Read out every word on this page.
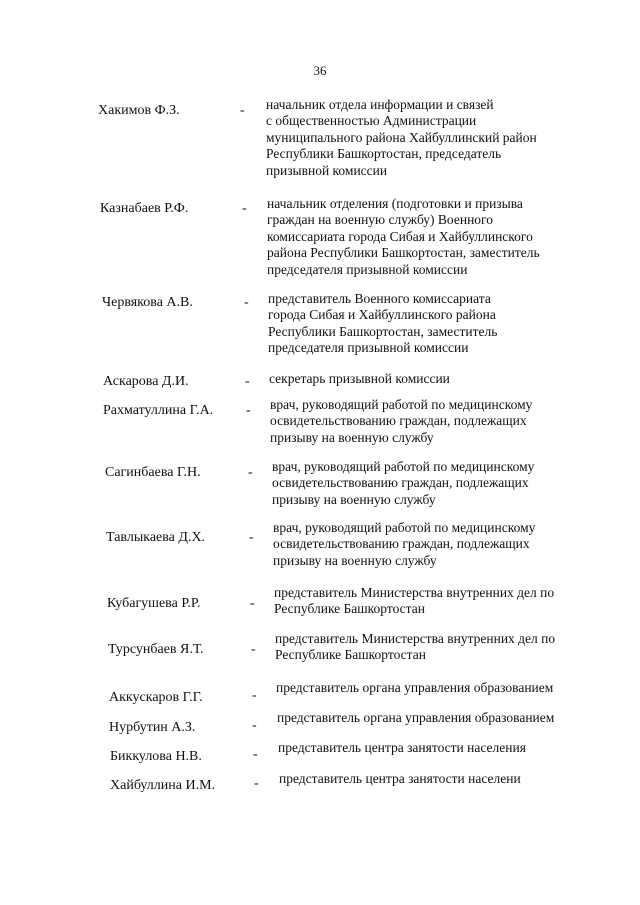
36
Хакимов Ф.З.	- начальник отдела информации и связей
с общественностью Администрации
муниципального района Хайбуллинский район
Республики Башкортостан, председатель
призывной комиссии
Казнабаев Р.Ф.	- начальник отделения (подготовки и призыва
граждан на военную службу) Военного
комиссариата города Сибая и Хайбуллинского
района Республики Башкортостан, заместитель
председателя призывной комиссии
Червякова А.В.	- представитель Военного комиссариата
города Сибая и Хайбуллинского района
Республики Башкортостан, заместитель
председателя призывной комиссии
Аскарова Д.И.	- секретарь призывной комиссии
Рахматуллина Г.А. - врач, руководящий работой по медицинскому
освидетельствованию граждан, подлежащих
призыву на военную службу
Сагинбаева Г.Н.	- врач, руководящий работой по медицинскому
освидетельствованию граждан, подлежащих
призыву на военную службу
Тавлыкаева Д.Х.	-
врач, руководящий работой по медицинскому
освидетельствованию граждан, подлежащих
призыву на военную службу
Кубагушева Р.Р.	-
представитель Министерства внутренних дел по
Республике Башкортостан
Турсунбаев Я.Т.	-
представитель Министерства внутренних дел по
Республике Башкортостан
Аккускаров Г.Г.	-
представитель органа управления образованием
Нурбутин А.З.	-
представитель органа управления образованием
Биккулова Н.В.	- представитель центра занятости населения
Хайбуллина И.М.	- представитель центра занятости населени
